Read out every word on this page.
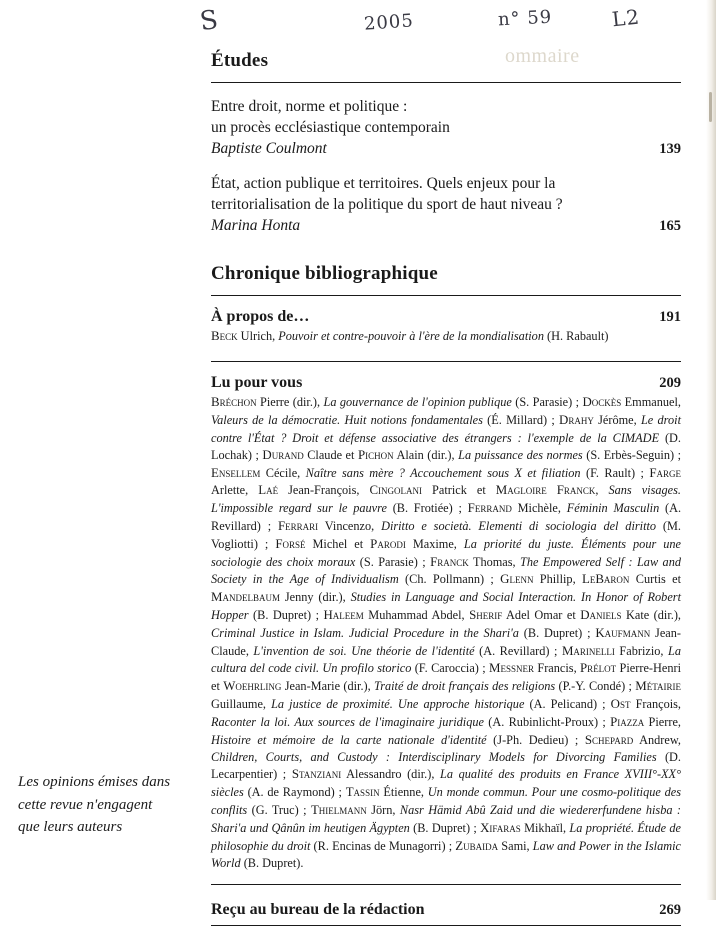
S	2005	n° 59	L2
ommaire
Études
Entre droit, norme et politique :
un procès ecclésiastique contemporain
Baptiste Coulmont	139
État, action publique et territoires. Quels enjeux pour la
territorialisation de la politique du sport de haut niveau ?
Marina Honta	165
Chronique bibliographique
À propos de…	191
Beck Ulrich, Pouvoir et contre-pouvoir à l'ère de la mondialisation (H. Rabault)
Lu pour vous	209
Bréchon Pierre (dir.), La gouvernance de l'opinion publique (S. Parasie) ; Dockès Emmanuel, Valeurs de la démocratie. Huit notions fondamentales (É. Millard) ; Drahy Jérôme, Le droit contre l'État ? Droit et défense associative des étrangers : l'exemple de la CIMADE (D. Lochak) ; Durand Claude et Pichon Alain (dir.), La puissance des normes (S. Erbès-Seguin) ; Ensellem Cécile, Naître sans mère ? Accouchement sous X et filiation (F. Rault) ; Farge Arlette, Laé Jean-François, Cingolani Patrick et Magloire Franck, Sans visages. L'impossible regard sur le pauvre (B. Frotiée) ; Ferrand Michèle, Féminin Masculin (A. Revillard) ; Ferrari Vincenzo, Diritto e società. Elementi di sociologia del diritto (M. Vogliotti) ; Forsé Michel et Parodi Maxime, La priorité du juste. Éléments pour une sociologie des choix moraux (S. Parasie) ; Franck Thomas, The Empowered Self : Law and Society in the Age of Individualism (Ch. Pollmann) ; Glenn Phillip, LeBaron Curtis et Mandelbaum Jenny (dir.), Studies in Language and Social Interaction. In Honor of Robert Hopper (B. Dupret) ; Haleem Muhammad Abdel, Sherif Adel Omar et Daniels Kate (dir.), Criminal Justice in Islam. Judicial Procedure in the Shari'a (B. Dupret) ; Kaufmann Jean-Claude, L'invention de soi. Une théorie de l'identité (A. Revillard) ; Marinelli Fabrizio, La cultura del code civil. Un profilo storico (F. Caroccia) ; Messner Francis, Prélot Pierre-Henri et Woehrling Jean-Marie (dir.), Traité de droit français des religions (P.-Y. Condé) ; Métairie Guillaume, La justice de proximité. Une approche historique (A. Pelicand) ; Ost François, Raconter la loi. Aux sources de l'imaginaire juridique (A. Rubinlicht-Proux) ; Piazza Pierre, Histoire et mémoire de la carte nationale d'identité (J-Ph. Dedieu) ; Schepard Andrew, Children, Courts, and Custody : Interdisciplinary Models for Divorcing Families (D. Lecarpentier) ; Stanziani Alessandro (dir.), La qualité des produits en France XVIII°-XX° siècles (A. de Raymond) ; Tassin Étienne, Un monde commun. Pour une cosmo-politique des conflits (G. Truc) ; Thielmann Jörn, Nasr Hämid Abû Zaid und die wiedererfundene hisba : Shari'a und Qânûn im heutigen Ägypten (B. Dupret) ; Xifaras Mikhaïl, La propriété. Étude de philosophie du droit (R. Encinas de Munagorri) ; Zubaida Sami, Law and Power in the Islamic World (B. Dupret).
Reçu au bureau de la rédaction	269
Les opinions émises dans
cette revue n'engagent
que leurs auteurs
